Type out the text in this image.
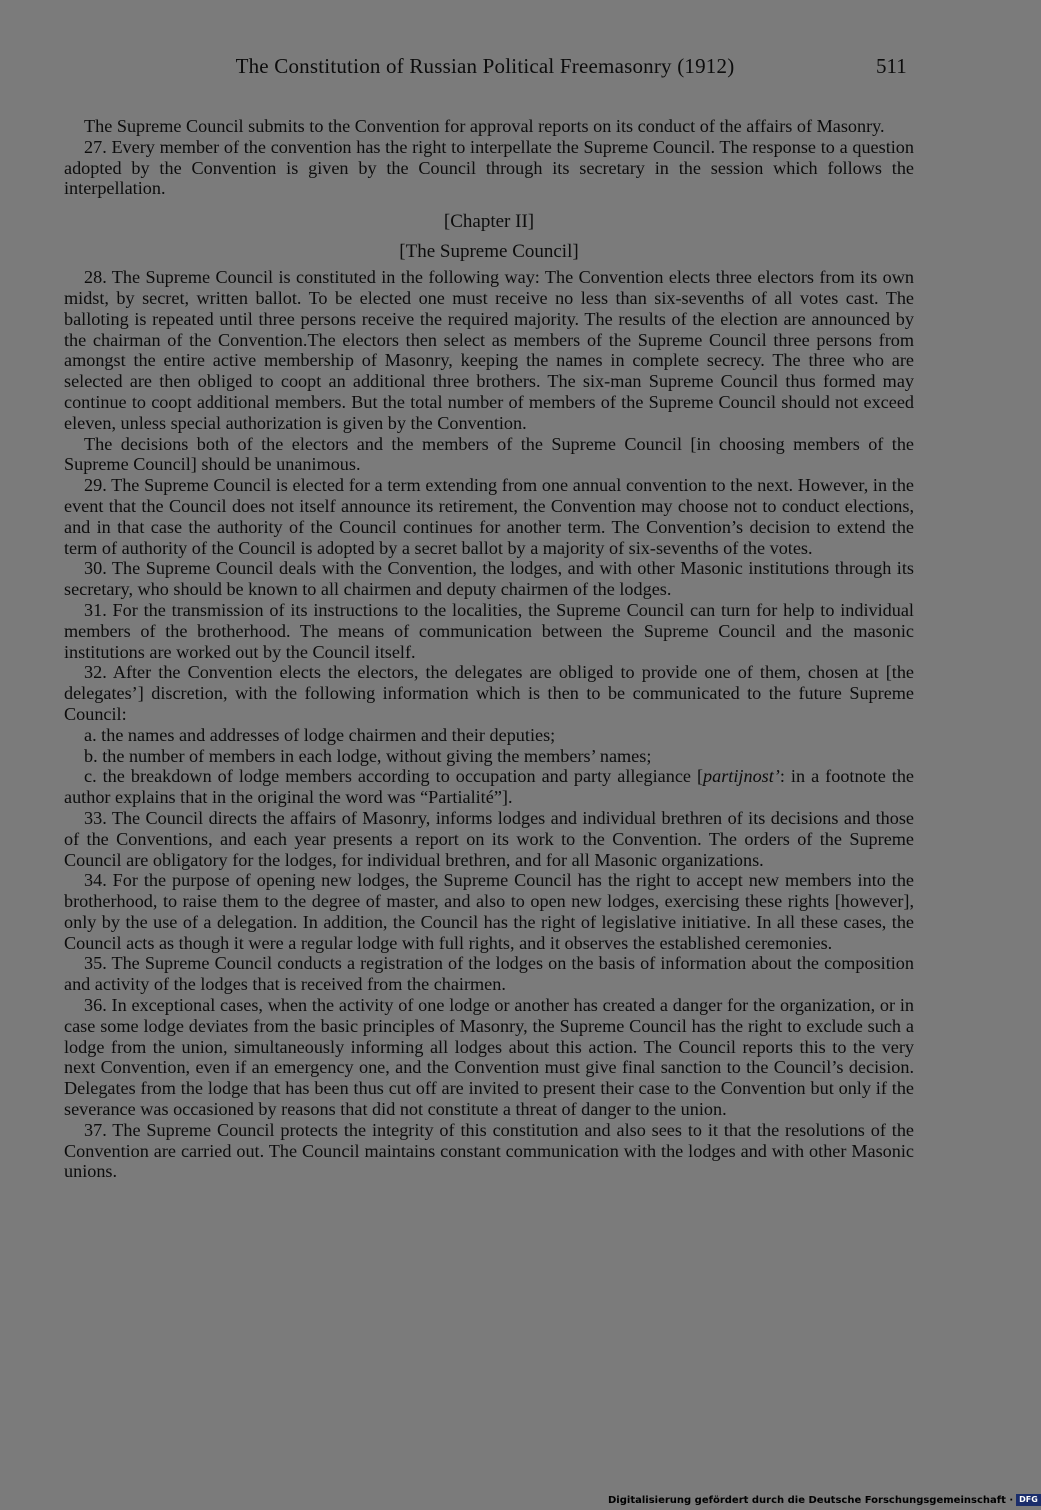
The Constitution of Russian Political Freemasonry (1912)	511

The Supreme Council submits to the Convention for approval reports on its conduct of the affairs of Masonry.

27. Every member of the convention has the right to interpellate the Supreme Council. The response to a question adopted by the Convention is given by the Council through its secretary in the session which follows the interpellation.

[Chapter II]

[The Supreme Council]

28. The Supreme Council is constituted in the following way: The Convention elects three electors from its own midst, by secret, written ballot. To be elected one must receive no less than six-sevenths of all votes cast. The balloting is repeated until three persons receive the required majority. The results of the election are announced by the chairman of the Convention.The electors then select as members of the Supreme Council three persons from amongst the entire active membership of Masonry, keeping the names in complete secrecy. The three who are selected are then obliged to coopt an additional three brothers. The six-man Supreme Council thus formed may continue to coopt additional members. But the total number of members of the Supreme Council should not exceed eleven, unless special authorization is given by the Convention.

The decisions both of the electors and the members of the Supreme Council [in choosing members of the Supreme Council] should be unanimous.

29. The Supreme Council is elected for a term extending from one annual convention to the next. However, in the event that the Council does not itself announce its retirement, the Convention may choose not to conduct elections, and in that case the authority of the Council continues for another term. The Convention’s decision to extend the term of authority of the Council is adopted by a secret ballot by a majority of six-sevenths of the votes.

30. The Supreme Council deals with the Convention, the lodges, and with other Masonic institutions through its secretary, who should be known to all chairmen and deputy chairmen of the lodges.

31. For the transmission of its instructions to the localities, the Supreme Council can turn for help to individual members of the brotherhood. The means of communication between the Supreme Council and the masonic institutions are worked out by the Council itself.

32. After the Convention elects the electors, the delegates are obliged to provide one of them, chosen at [the delegates’] discretion, with the following information which is then to be communicated to the future Supreme Council:

a. the names and addresses of lodge chairmen and their deputies;

b. the number of members in each lodge, without giving the members’ names;

c. the breakdown of lodge members according to occupation and party allegiance [partijnost’: in a footnote the author explains that in the original the word was “Partialité”].

33. The Council directs the affairs of Masonry, informs lodges and individual brethren of its decisions and those of the Conventions, and each year presents a report on its work to the Convention. The orders of the Supreme Council are obligatory for the lodges, for individual brethren, and for all Masonic organizations.

34. For the purpose of opening new lodges, the Supreme Council has the right to accept new members into the brotherhood, to raise them to the degree of master, and also to open new lodges, exercising these rights [however], only by the use of a delegation. In addition, the Council has the right of legislative initiative. In all these cases, the Council acts as though it were a regular lodge with full rights, and it observes the established ceremonies.

35. The Supreme Council conducts a registration of the lodges on the basis of information about the composition and activity of the lodges that is received from the chairmen.

36. In exceptional cases, when the activity of one lodge or another has created a danger for the organization, or in case some lodge deviates from the basic principles of Masonry, the Supreme Council has the right to exclude such a lodge from the union, simultaneously informing all lodges about this action. The Council reports this to the very next Convention, even if an emergency one, and the Convention must give final sanction to the Council’s decision. Delegates from the lodge that has been thus cut off are invited to present their case to the Convention but only if the severance was occasioned by reasons that did not constitute a threat of danger to the union.

37. The Supreme Council protects the integrity of this constitution and also sees to it that the resolutions of the Convention are carried out. The Council maintains constant communication with the lodges and with other Masonic unions.

Digitalisierung gefördert durch die Deutsche Forschungsgemeinschaft · DFG
